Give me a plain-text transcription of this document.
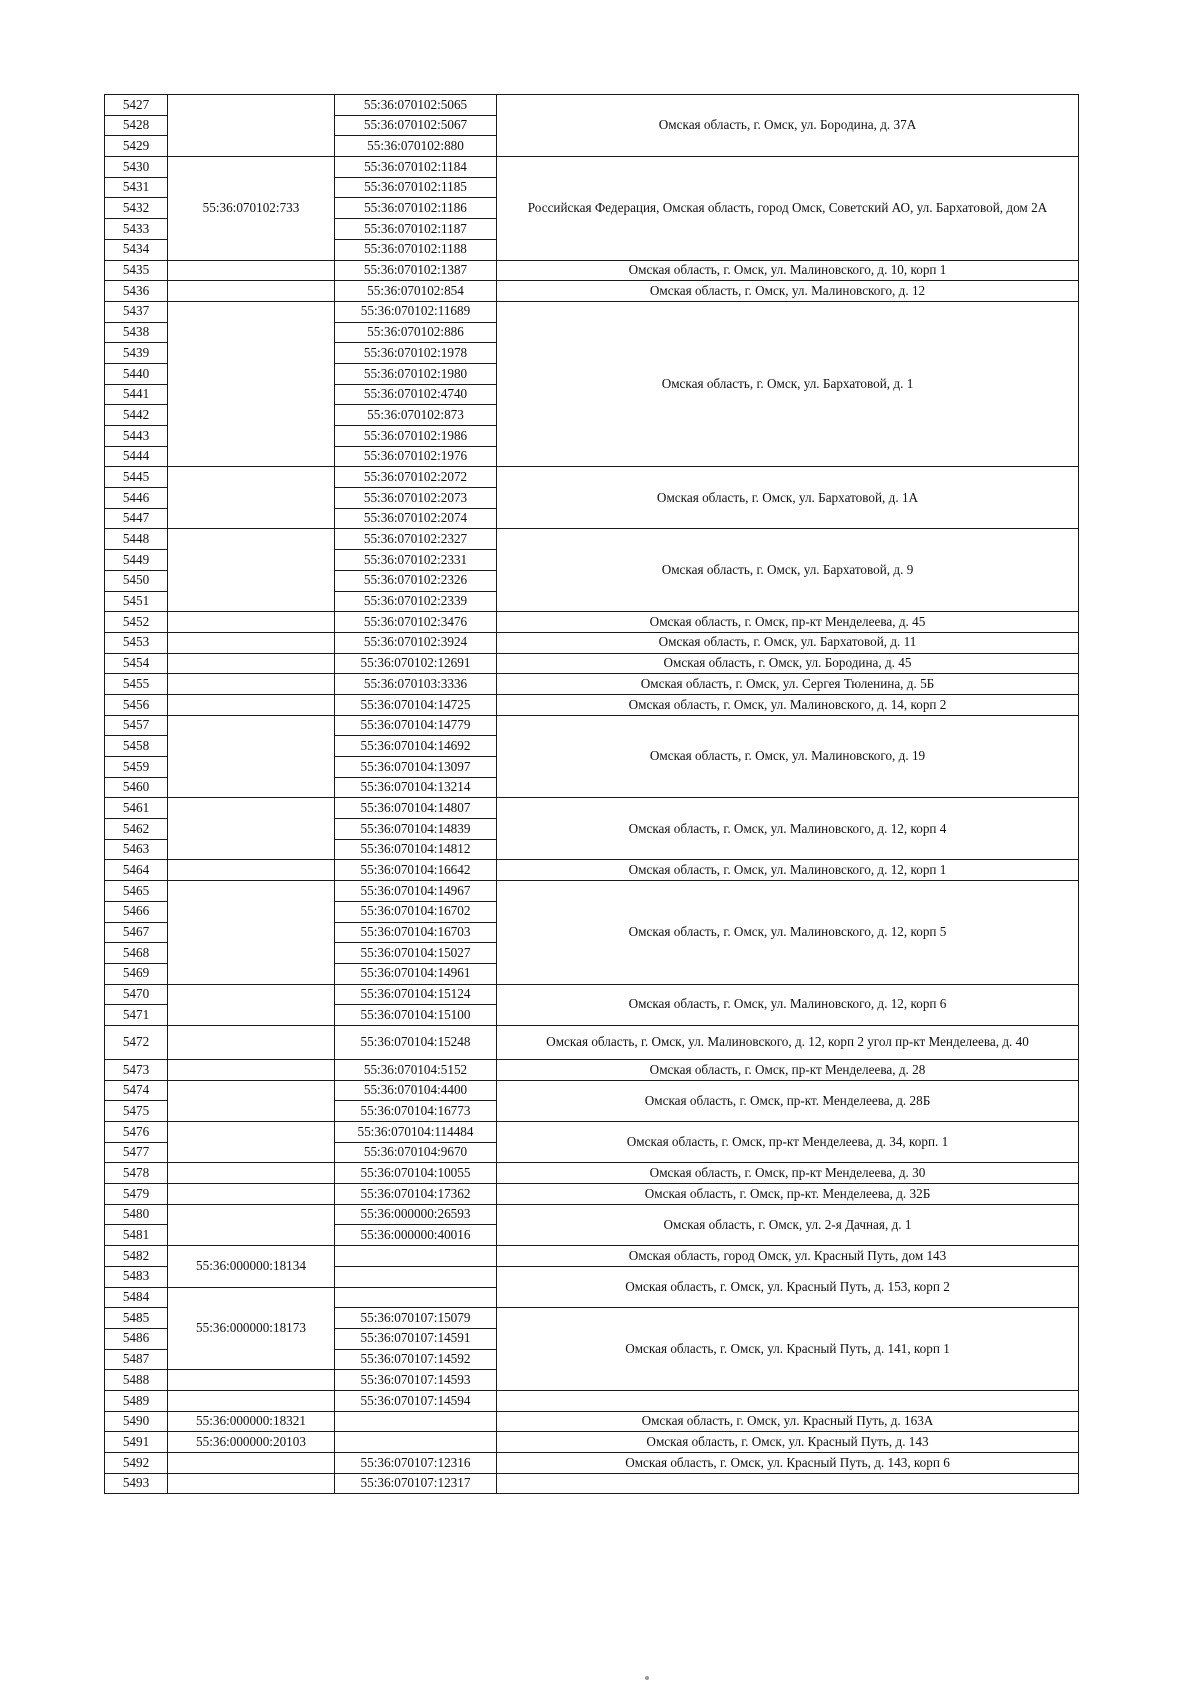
5427		55:36:070102:5065	Омская область, г. Омск, ул. Бородина, д. 37А
5428		55:36:070102:5067	
5429		55:36:070102:880	
5430	55:36:070102:733	55:36:070102:1184	Российская Федерация, Омская область, город Омск, Советский АО, ул. Бархатовой, дом 2А
5431		55:36:070102:1185	
5432		55:36:070102:1186	
5433		55:36:070102:1187	
5434		55:36:070102:1188	
5435		55:36:070102:1387	Омская область, г. Омск, ул. Малиновского, д. 10, корп 1
5436		55:36:070102:854	Омская область, г. Омск, ул. Малиновского, д. 12
5437		55:36:070102:11689	Омская область, г. Омск, ул. Бархатовой, д. 1
5438		55:36:070102:886	
5439		55:36:070102:1978	
5440		55:36:070102:1980	
5441		55:36:070102:4740	
5442		55:36:070102:873	
5443		55:36:070102:1986	
5444		55:36:070102:1976	
5445		55:36:070102:2072	Омская область, г. Омск, ул. Бархатовой, д. 1А
5446		55:36:070102:2073	
5447		55:36:070102:2074	
5448		55:36:070102:2327	Омская область, г. Омск, ул. Бархатовой, д. 9
5449		55:36:070102:2331	
5450		55:36:070102:2326	
5451		55:36:070102:2339	
5452		55:36:070102:3476	Омская область, г. Омск, пр-кт Менделеева, д. 45
5453		55:36:070102:3924	Омская область, г. Омск, ул. Бархатовой, д. 11
5454		55:36:070102:12691	Омская область, г. Омск, ул. Бородина, д. 45
5455		55:36:070103:3336	Омская область, г. Омск, ул. Сергея Тюленина, д. 5Б
5456		55:36:070104:14725	Омская область, г. Омск, ул. Малиновского, д. 14, корп 2
5457		55:36:070104:14779	Омская область, г. Омск, ул. Малиновского, д. 19
5458		55:36:070104:14692	
5459		55:36:070104:13097	
5460		55:36:070104:13214	
5461		55:36:070104:14807	Омская область, г. Омск, ул. Малиновского, д. 12, корп 4
5462		55:36:070104:14839	
5463		55:36:070104:14812	
5464		55:36:070104:16642	Омская область, г. Омск, ул. Малиновского, д. 12, корп 1
5465		55:36:070104:14967	Омская область, г. Омск, ул. Малиновского, д. 12, корп 5
5466		55:36:070104:16702	
5467		55:36:070104:16703	
5468		55:36:070104:15027	
5469		55:36:070104:14961	
5470		55:36:070104:15124	Омская область, г. Омск, ул. Малиновского, д. 12, корп 6
5471		55:36:070104:15100	
5472		55:36:070104:15248	Омская область, г. Омск, ул. Малиновского, д. 12, корп 2 угол пр-кт Менделеева, д. 40
5473		55:36:070104:5152	Омская область, г. Омск, пр-кт Менделеева, д. 28
5474		55:36:070104:4400	Омская область, г. Омск, пр-кт. Менделеева, д. 28Б
5475		55:36:070104:16773	
5476		55:36:070104:114484	Омская область, г. Омск, пр-кт Менделеева, д. 34, корп. 1
5477		55:36:070104:9670	
5478		55:36:070104:10055	Омская область, г. Омск, пр-кт Менделеева, д. 30
5479		55:36:070104:17362	Омская область, г. Омск, пр-кт. Менделеева, д. 32Б
5480		55:36:000000:26593	Омская область, г. Омск, ул. 2-я Дачная, д. 1
5481		55:36:000000:40016	
5482	55:36:000000:18134		Омская область, город Омск, ул. Красный Путь, дом 143
5483			Омская область, г. Омск, ул. Красный Путь, д. 153, корп 2
5484	55:36:000000:18173		
5485		55:36:070107:15079	Омская область, г. Омск, ул. Красный Путь, д. 141, корп 1
5486		55:36:070107:14591	
5487		55:36:070107:14592	
5488		55:36:070107:14593	
5489		55:36:070107:14594	
5490	55:36:000000:18321		Омская область, г. Омск, ул. Красный Путь, д. 163А
5491	55:36:000000:20103		Омская область, г. Омск, ул. Красный Путь, д. 143
5492		55:36:070107:12316	Омская область, г. Омск, ул. Красный Путь, д. 143, корп 6
5493		55:36:070107:12317	
